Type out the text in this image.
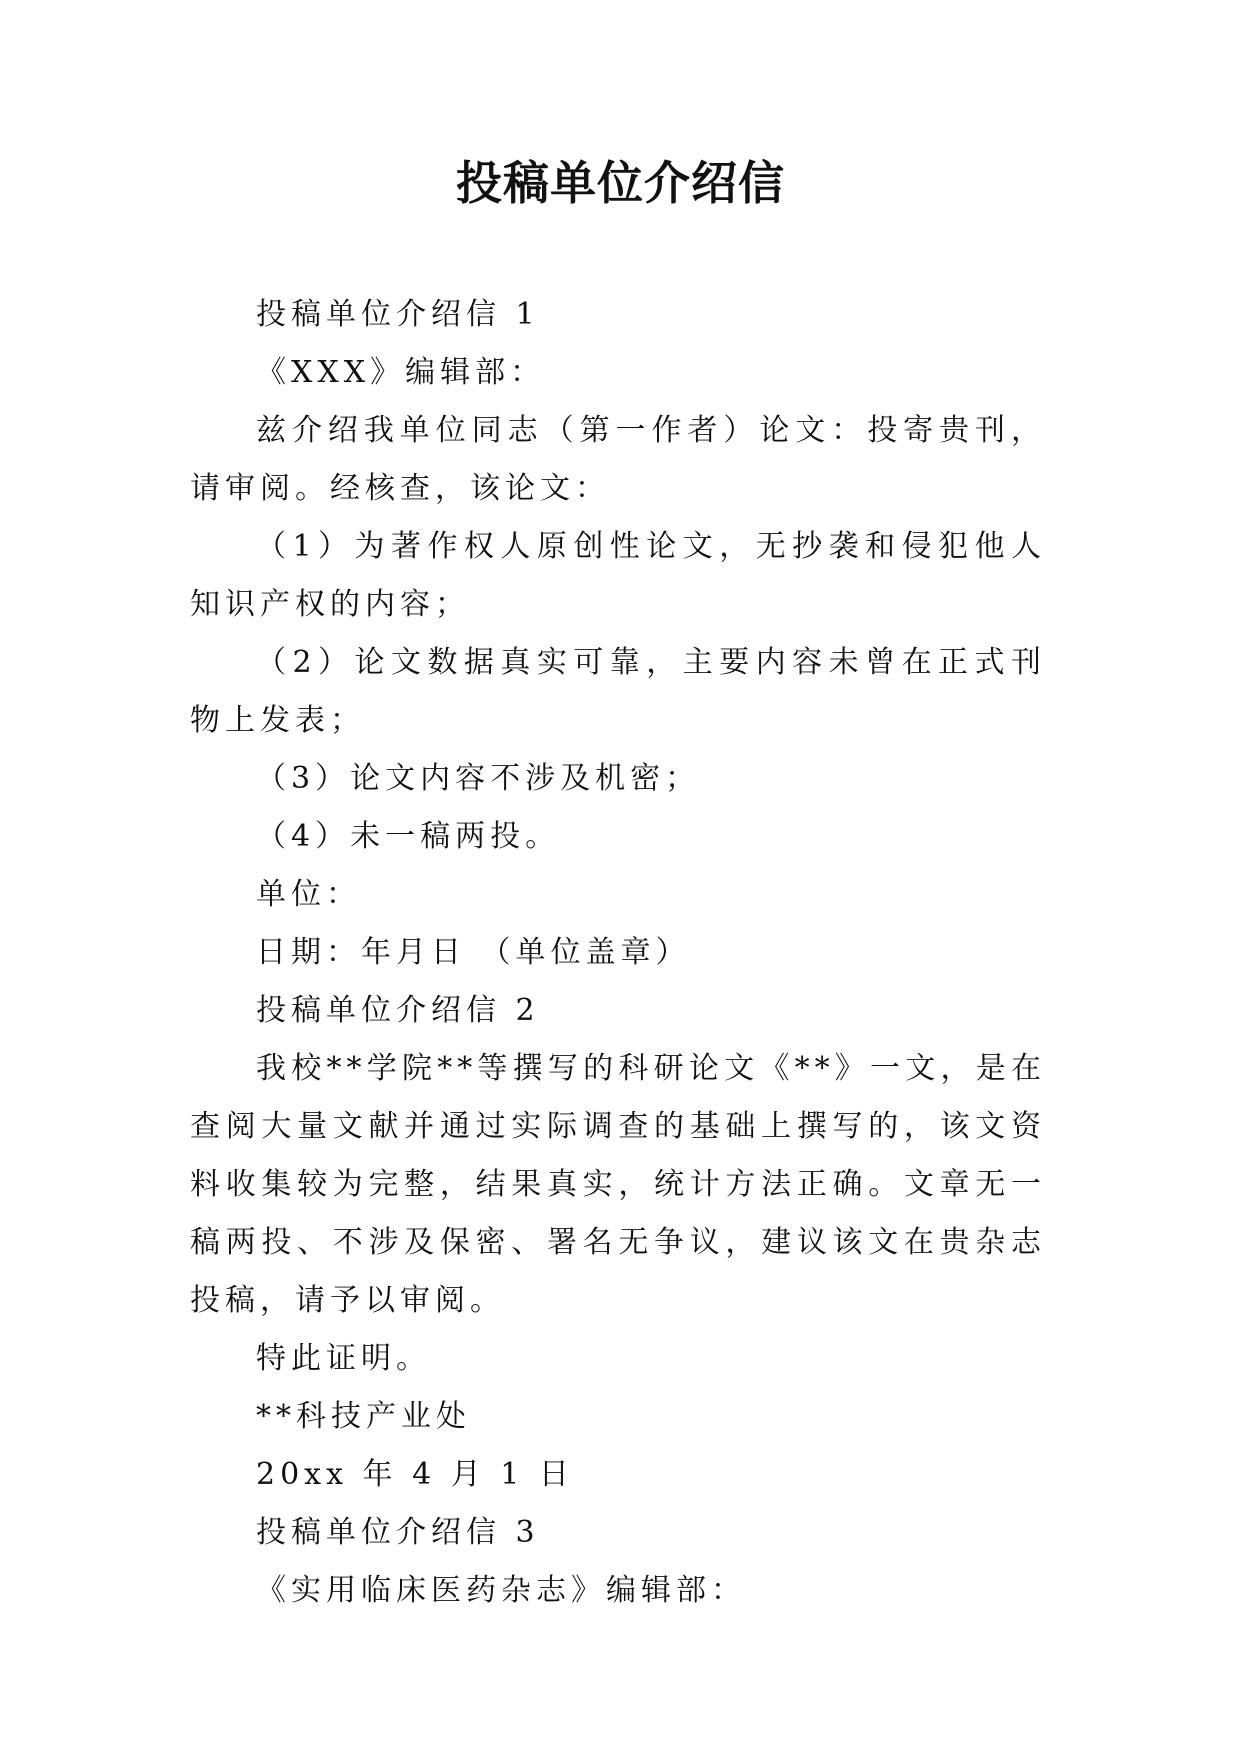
投稿单位介绍信

投稿单位介绍信 1

《XXX》编辑部：

兹介绍我单位同志（第一作者）论文：投寄贵刊，请审阅。经核查，该论文：

（1）为著作权人原创性论文，无抄袭和侵犯他人知识产权的内容；

（2）论文数据真实可靠，主要内容未曾在正式刊物上发表；

（3）论文内容不涉及机密；

（4）未一稿两投。

单位：

日期：年月日 （单位盖章）

投稿单位介绍信 2

我校**学院**等撰写的科研论文《**》一文，是在查阅大量文献并通过实际调查的基础上撰写的，该文资料收集较为完整，结果真实，统计方法正确。文章无一稿两投、不涉及保密、署名无争议，建议该文在贵杂志投稿，请予以审阅。

特此证明。

**科技产业处

20xx 年 4 月 1 日

投稿单位介绍信 3

《实用临床医药杂志》编辑部：
